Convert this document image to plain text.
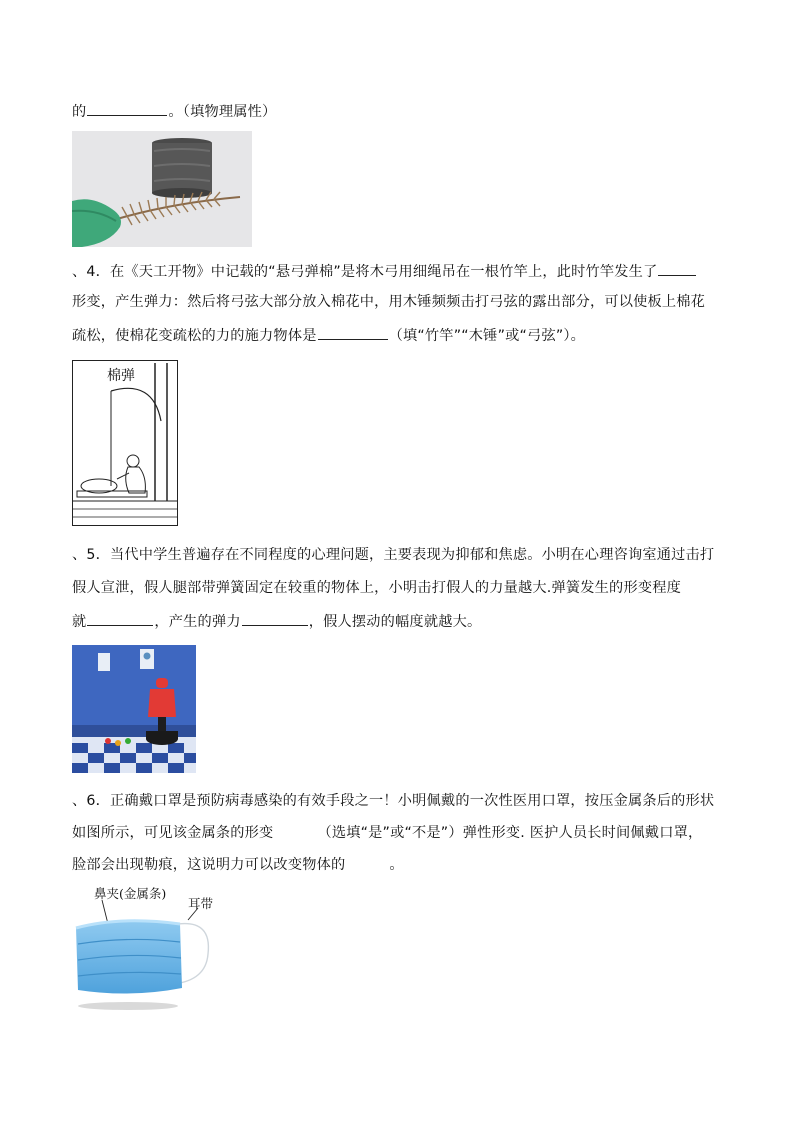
的	。（填物理属性）
、4．在《天工开物》中记载的“悬弓弹棉”是将木弓用细绳吊在一根竹竿上，此时竹竿发生了
形变，产生弹力：然后将弓弦大部分放入棉花中，用木锤频频击打弓弦的露出部分，可以使板上棉花
疏松，使棉花变疏松的力的施力物体是	（填“竹竿”“木锤”或“弓弦”）。
棉弹
、5．当代中学生普遍存在不同程度的心理问题，主要表现为抑郁和焦虑。小明在心理咨询室通过击打
假人宣泄，假人腿部带弹簧固定在较重的物体上，小明击打假人的力量越大.弹簧发生的形变程度
就	，产生的弹力	，假人摆动的幅度就越大。
、6．正确戴口罩是预防病毒感染的有效手段之一！小明佩戴的一次性医用口罩，按压金属条后的形状
如图所示，可见该金属条的形变	（选填“是”或“不是”）弹性形变. 医护人员长时间佩戴口罩，
脸部会出现勒痕，这说明力可以改变物体的	。
鼻夹(金属条)
耳带
